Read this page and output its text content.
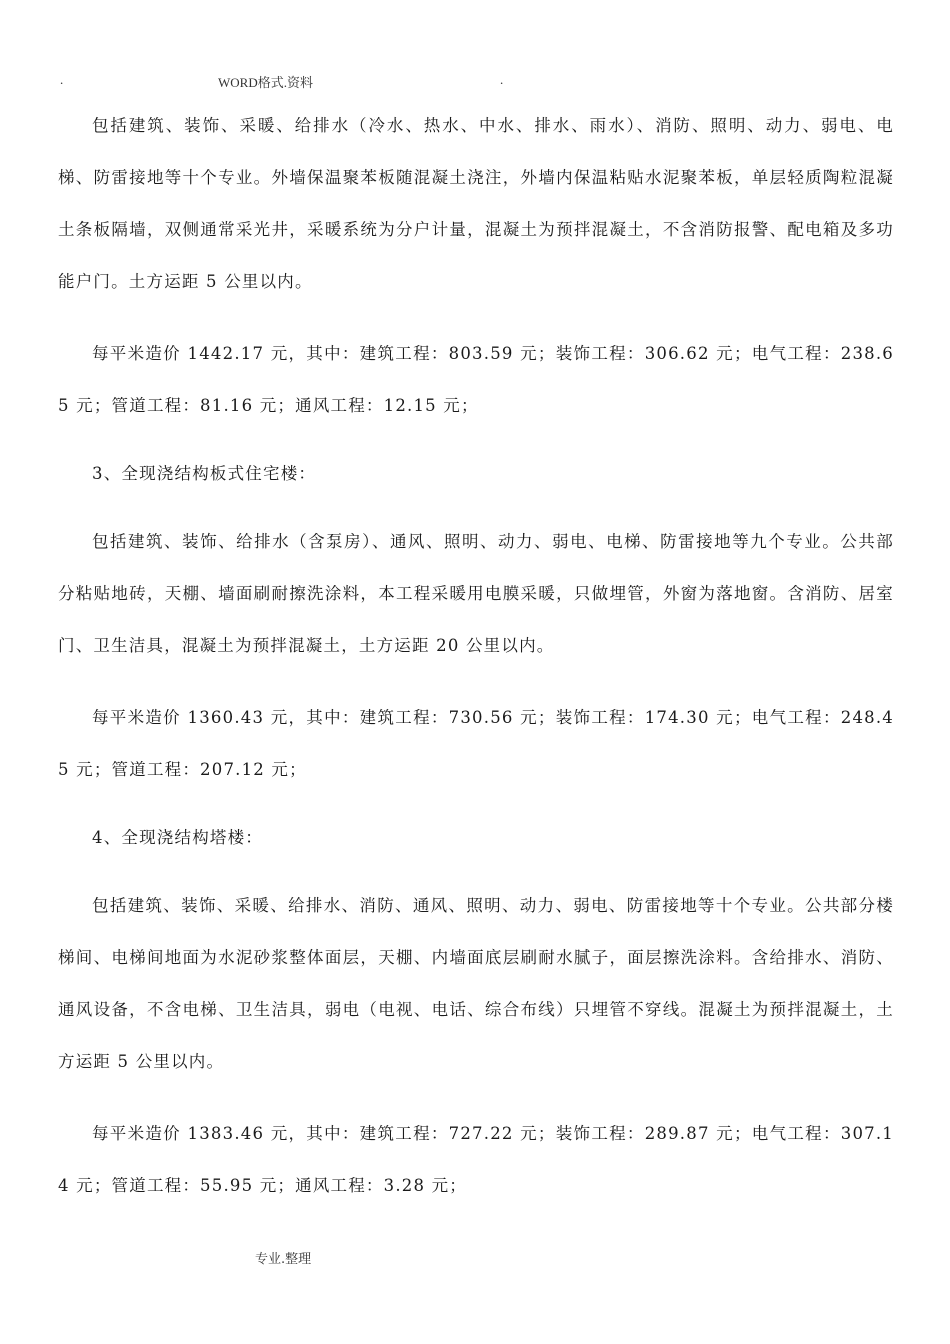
.	WORD格式.资料	.

包括建筑、装饰、采暖、给排水（冷水、热水、中水、排水、雨水）、消防、照明、动力、弱电、电梯、防雷接地等十个专业。外墙保温聚苯板随混凝土浇注，外墙内保温粘贴水泥聚苯板，单层轻质陶粒混凝土条板隔墙，双侧通常采光井，采暖系统为分户计量，混凝土为预拌混凝土，不含消防报警、配电箱及多功能户门。土方运距 5 公里以内。

每平米造价 1442.17 元，其中：建筑工程：803.59 元；装饰工程：306.62 元；电气工程：238.65 元；管道工程：81.16 元；通风工程：12.15 元；

3、全现浇结构板式住宅楼：

包括建筑、装饰、给排水（含泵房）、通风、照明、动力、弱电、电梯、防雷接地等九个专业。公共部分粘贴地砖，天棚、墙面刷耐擦洗涂料，本工程采暖用电膜采暖，只做埋管，外窗为落地窗。含消防、居室门、卫生洁具，混凝土为预拌混凝土，土方运距 20 公里以内。

每平米造价 1360.43 元，其中：建筑工程：730.56 元；装饰工程：174.30 元；电气工程：248.45 元；管道工程：207.12 元；

4、全现浇结构塔楼：

包括建筑、装饰、采暖、给排水、消防、通风、照明、动力、弱电、防雷接地等十个专业。公共部分楼梯间、电梯间地面为水泥砂浆整体面层，天棚、内墙面底层刷耐水腻子，面层擦洗涂料。含给排水、消防、通风设备，不含电梯、卫生洁具，弱电（电视、电话、综合布线）只埋管不穿线。混凝土为预拌混凝土，土方运距 5 公里以内。

每平米造价 1383.46 元，其中：建筑工程：727.22 元；装饰工程：289.87 元；电气工程：307.14 元；管道工程：55.95 元；通风工程：3.28 元；

专业.整理
